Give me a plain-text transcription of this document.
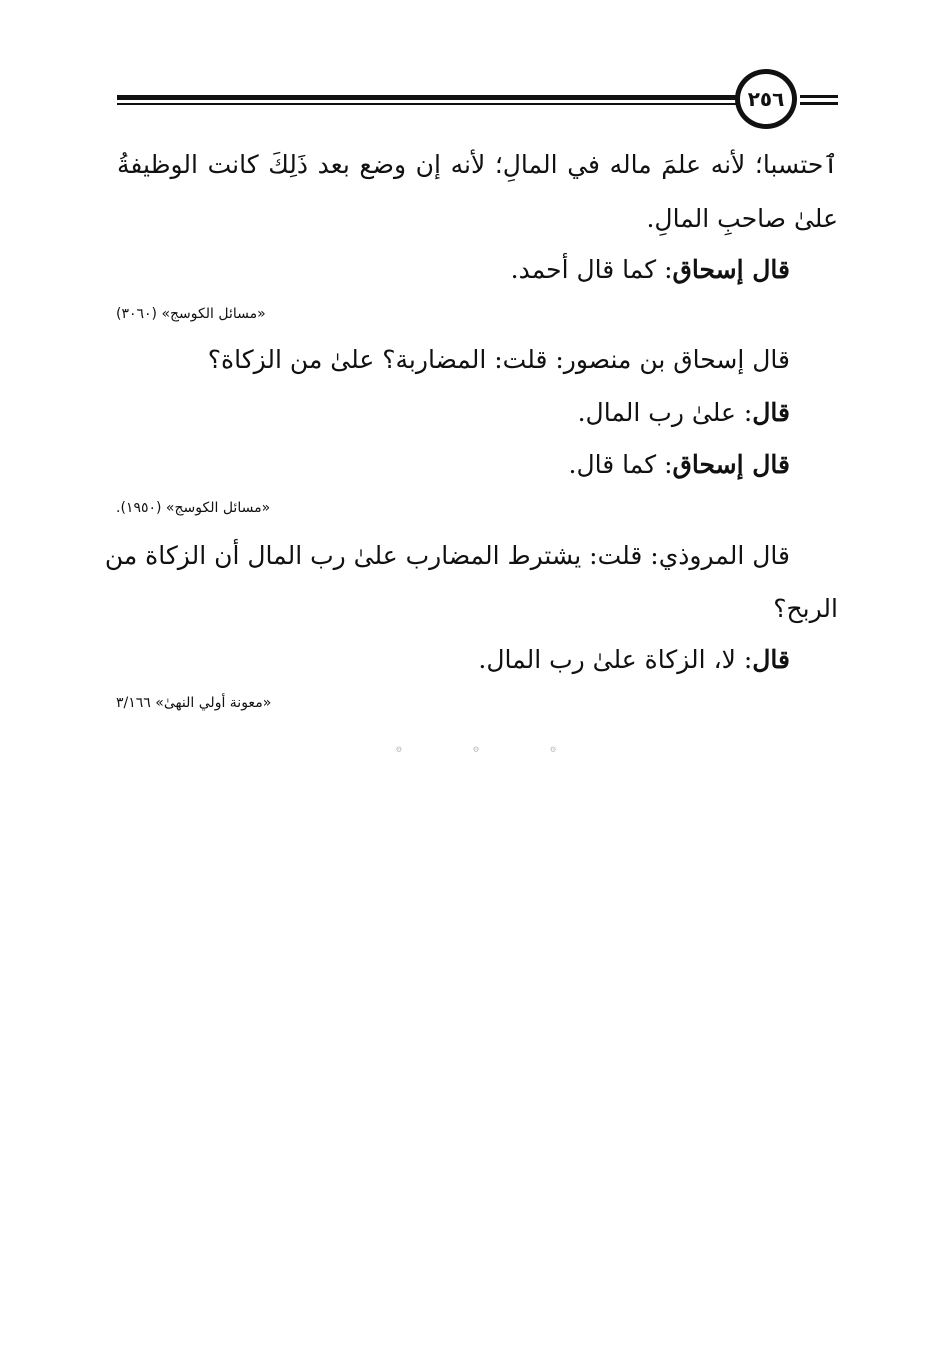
٢٥٦

ٱحتسبا؛ لأنه علمَ ماله في المالِ؛ لأنه إن وضع بعد ذَلِكَ كانت الوظيفةُ

علىٰ صاحبِ المالِ.

قال إسحاق: كما قال أحمد.

«مسائل الكوسج» (٣٠٦٠)

قال إسحاق بن منصور: قلت: المضاربة؟ علىٰ من الزكاة؟

قال: علىٰ رب المال.

قال إسحاق: كما قال.

«مسائل الكوسج» (١٩٥٠).

قال المروذي: قلت: يشترط المضارب علىٰ رب المال أن الزكاة من

الربح؟

قال: لا، الزكاة علىٰ رب المال.

«معونة أولي النهىٰ» ٣/١٦٦
۞	۞	۞
